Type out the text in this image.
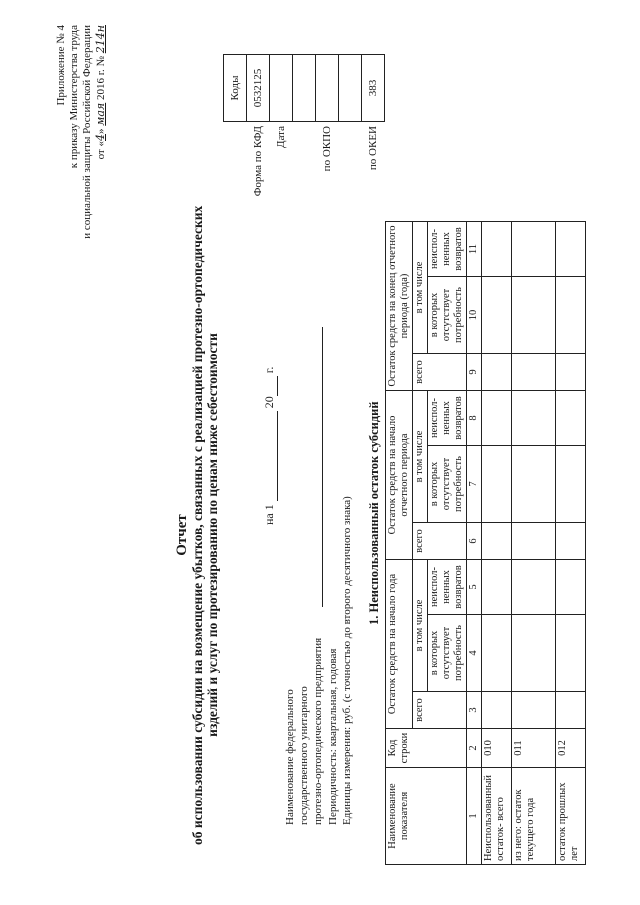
Приложение № 4 к приказу Министерства труда и социальной защиты Российской Федерации от «4» мая 2016 г. № 214н
Отчет об использовании субсидии на возмещение убытков, связанных с реализацией протезно-ортопедических изделий и услуг по протезированию по ценам ниже себестоимости
	Коды
Форма по КФД	0532125
Дата	

по ОКПО	

по ОКЕИ	383
на 1   20  г.
Наименование федерального государственного унитарного протезно-ортопедического предприятия Периодичность: квартальная, годовая Единицы измерения: руб. (с точностью до второго десятичного знака) 1. Неиспользованный остаток субсидий
Наименование показателя	Код строки	Остаток средств на начало года			Остаток средств на начало отчетного периода			Остаток средств на конец отчетного периода (года)		
		всего	в том числе		всего	в том числе		всего	в том числе	
			в которых отсутствует потребность	неиспол-ненных возвратов		в которых отсутствует потребность	неиспол-ненных возвратов		в которых отсутствует потребность	неиспол-ненных возвратов
1	2	3	4	5	6	7	8	9	10	11
Неиспользованный остаток- всего	010									
из него: остаток текущего года	011									
остаток прошлых лет	012									
